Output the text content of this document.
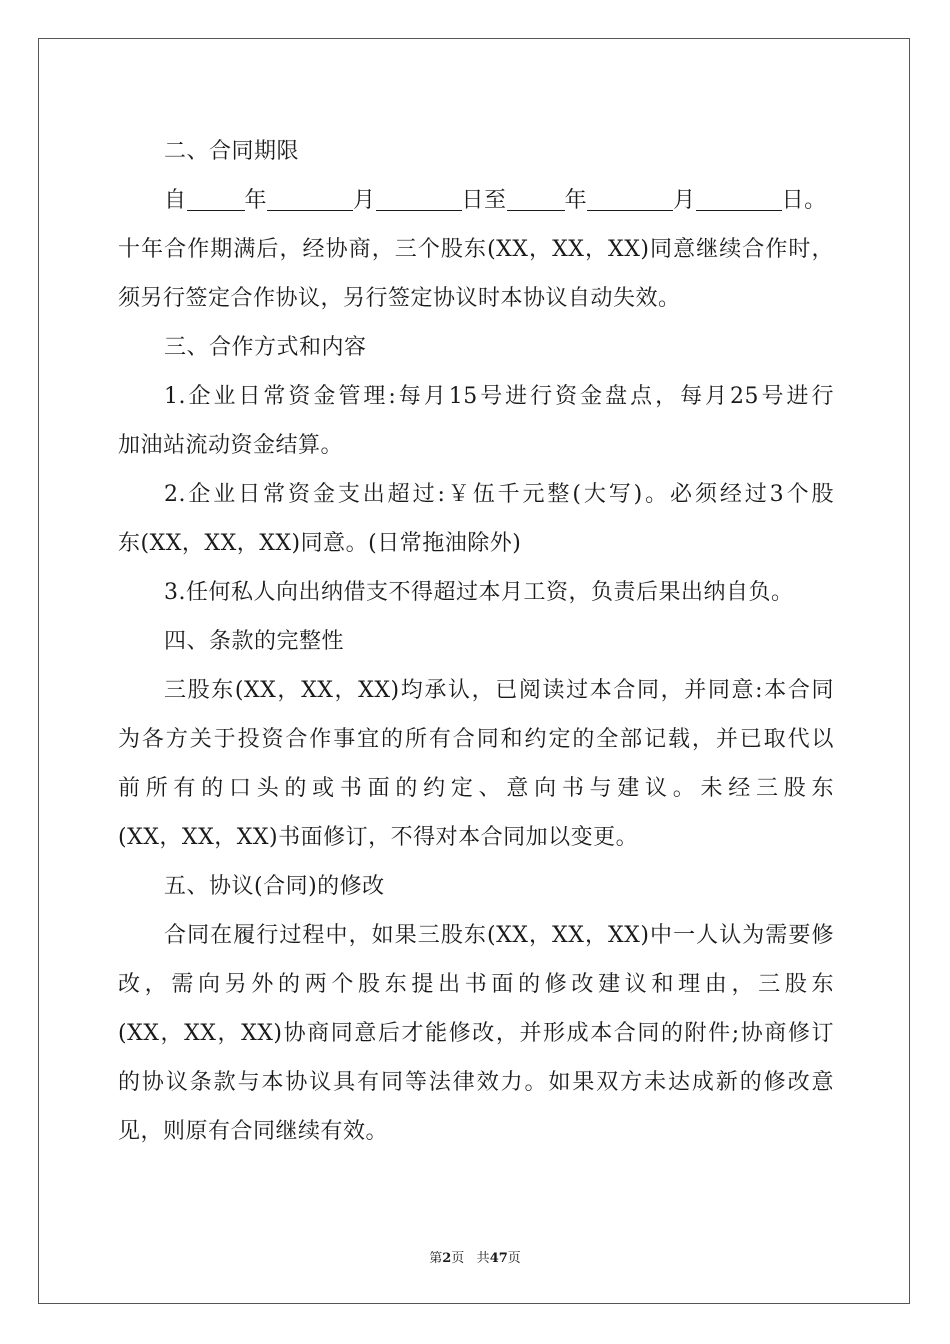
二、合同期限
自	年	月	日至	年	月	日。
十年合作期满后，经协商，三个股东(XX，XX，XX)同意继续合作时，
须另行签定合作协议，另行签定协议时本协议自动失效。
三、合作方式和内容
1.企业日常资金管理:每月15号进行资金盘点，每月25号进行
加油站流动资金结算。
2.企业日常资金支出超过:￥伍千元整(大写)。必须经过3个股
东(XX，XX，XX)同意。(日常拖油除外)
3.任何私人向出纳借支不得超过本月工资，负责后果出纳自负。
四、条款的完整性
三股东(XX，XX，XX)均承认，已阅读过本合同，并同意:本合同
为各方关于投资合作事宜的所有合同和约定的全部记载，并已取代以
前所有的口头的或书面的约定、意向书与建议。未经三股东
(XX，XX，XX)书面修订，不得对本合同加以变更。
五、协议(合同)的修改
合同在履行过程中，如果三股东(XX，XX，XX)中一人认为需要修
改，需向另外的两个股东提出书面的修改建议和理由，三股东
(XX，XX，XX)协商同意后才能修改，并形成本合同的附件;协商修订
的协议条款与本协议具有同等法律效力。如果双方未达成新的修改意
见，则原有合同继续有效。
第2页 共47页
